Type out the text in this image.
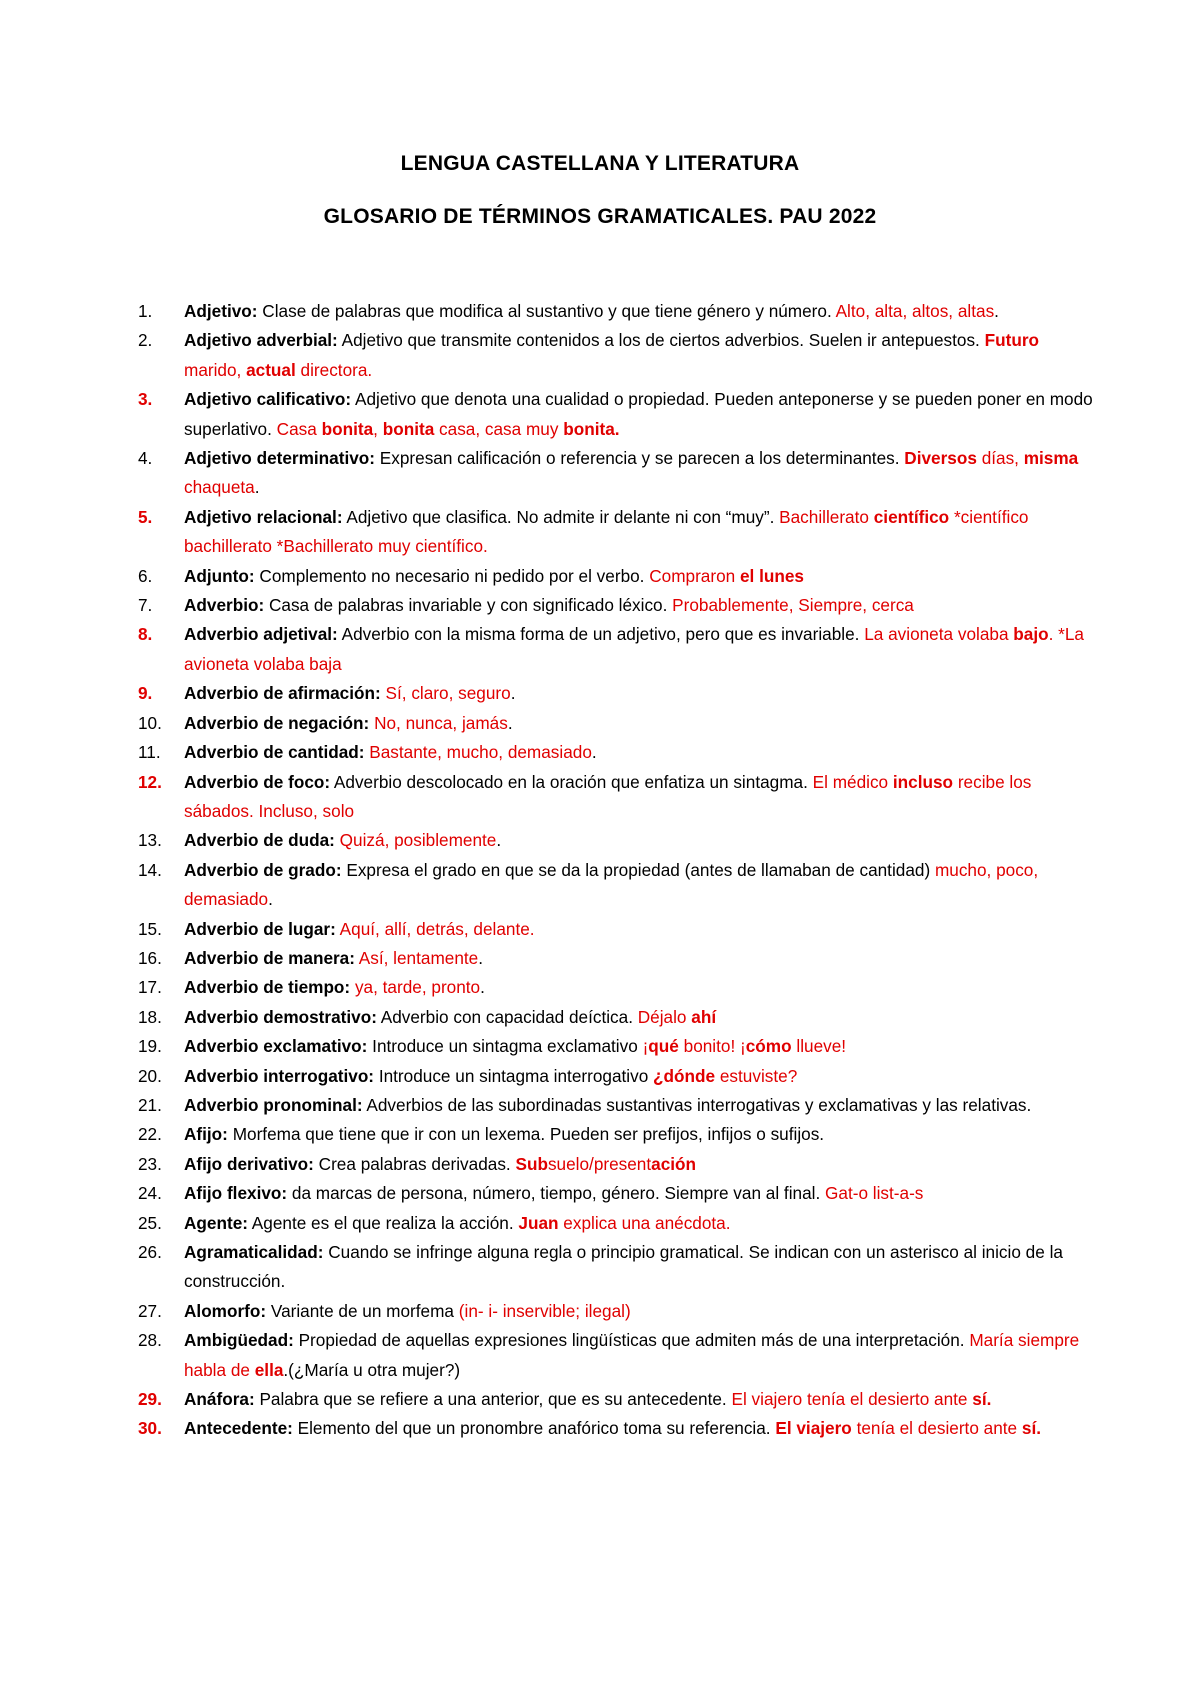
LENGUA CASTELLANA Y LITERATURA
GLOSARIO DE TÉRMINOS GRAMATICALES. PAU 2022
1.	Adjetivo: Clase de palabras que modifica al sustantivo y que tiene género y número. Alto, alta, altos, altas.
2.	Adjetivo adverbial: Adjetivo que transmite contenidos a los de ciertos adverbios. Suelen ir antepuestos. Futuro marido, actual directora.
3.	Adjetivo calificativo: Adjetivo que denota una cualidad o propiedad. Pueden anteponerse y se pueden poner en modo superlativo. Casa bonita, bonita casa, casa muy bonita.
4.	Adjetivo determinativo: Expresan calificación o referencia y se parecen a los determinantes. Diversos días, misma chaqueta.
5.	Adjetivo relacional: Adjetivo que clasifica. No admite ir delante ni con “muy”. Bachillerato científico *científico bachillerato *Bachillerato muy científico.
6.	Adjunto: Complemento no necesario ni pedido por el verbo. Compraron el lunes
7.	Adverbio: Casa de palabras invariable y con significado léxico. Probablemente, Siempre, cerca
8.	Adverbio adjetival: Adverbio con la misma forma de un adjetivo, pero que es invariable. La avioneta volaba bajo. *La avioneta volaba baja
9.	Adverbio de afirmación: Sí, claro, seguro.
10.	Adverbio de negación: No, nunca, jamás.
11.	Adverbio de cantidad: Bastante, mucho, demasiado.
12.	Adverbio de foco: Adverbio descolocado en la oración que enfatiza un sintagma. El médico incluso recibe los sábados. Incluso, solo
13.	Adverbio de duda: Quizá, posiblemente.
14.	Adverbio de grado: Expresa el grado en que se da la propiedad (antes de llamaban de cantidad) mucho, poco, demasiado.
15.	Adverbio de lugar: Aquí, allí, detrás, delante.
16.	Adverbio de manera: Así, lentamente.
17.	Adverbio de tiempo: ya, tarde, pronto.
18.	Adverbio demostrativo: Adverbio con capacidad deíctica. Déjalo ahí
19.	Adverbio exclamativo: Introduce un sintagma exclamativo ¡qué bonito! ¡cómo llueve!
20.	Adverbio interrogativo: Introduce un sintagma interrogativo ¿dónde estuviste?
21.	Adverbio pronominal: Adverbios de las subordinadas sustantivas interrogativas y exclamativas y las relativas.
22.	Afijo: Morfema que tiene que ir con un lexema. Pueden ser prefijos, infijos o sufijos.
23.	Afijo derivativo: Crea palabras derivadas. Subsuelo/presentación
24.	Afijo flexivo: da marcas de persona, número, tiempo, género. Siempre van al final. Gat-o list-a-s
25.	Agente: Agente es el que realiza la acción. Juan explica una anécdota.
26.	Agramaticalidad: Cuando se infringe alguna regla o principio gramatical. Se indican con un asterisco al inicio de la construcción.
27.	Alomorfo: Variante de un morfema (in- i- inservible; ilegal)
28.	Ambigüedad: Propiedad de aquellas expresiones lingüísticas que admiten más de una interpretación. María siempre habla de ella.(¿María u otra mujer?)
29.	Anáfora: Palabra que se refiere a una anterior, que es su antecedente. El viajero tenía el desierto ante sí.
30.	Antecedente: Elemento del que un pronombre anafórico toma su referencia. El viajero tenía el desierto ante sí.
